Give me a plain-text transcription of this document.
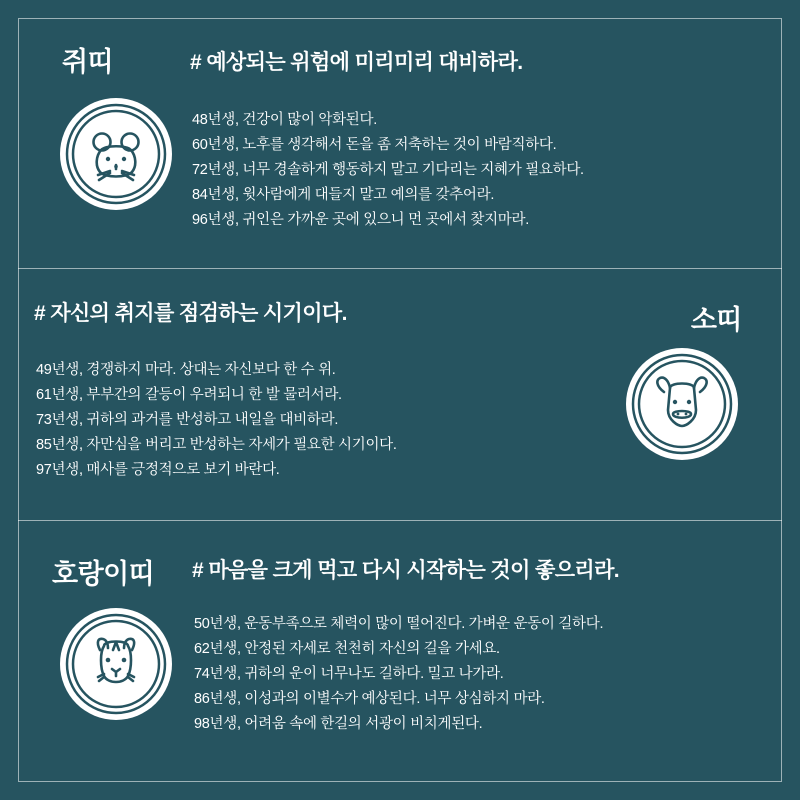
쥐띠	# 예상되는 위험에 미리미리 대비하라.
48년생, 건강이 많이 악화된다.
60년생, 노후를 생각해서 돈을 좀 저축하는 것이 바람직하다.
72년생, 너무 경솔하게 행동하지 말고 기다리는 지혜가 필요하다.
84년생, 윗사람에게 대들지 말고 예의를 갖추어라.
96년생, 귀인은 가까운 곳에 있으니 먼 곳에서 찾지마라.
# 자신의 취지를 점검하는 시기이다.	소띠
49년생, 경쟁하지 마라. 상대는 자신보다 한 수 위.
61년생, 부부간의 갈등이 우려되니 한 발 물러서라.
73년생, 귀하의 과거를 반성하고 내일을 대비하라.
85년생, 자만심을 버리고 반성하는 자세가 필요한 시기이다.
97년생, 매사를 긍정적으로 보기 바란다.
호랑이띠 # 마음을 크게 먹고 다시 시작하는 것이 좋으리라.
50년생, 운동부족으로 체력이 많이 떨어진다. 가벼운 운동이 길하다.
62년생, 안정된 자세로 천천히 자신의 길을 가세요.
74년생, 귀하의 운이 너무나도 길하다. 밀고 나가라.
86년생, 이성과의 이별수가 예상된다. 너무 상심하지 마라.
98년생, 어려움 속에 한길의 서광이 비치게된다.
